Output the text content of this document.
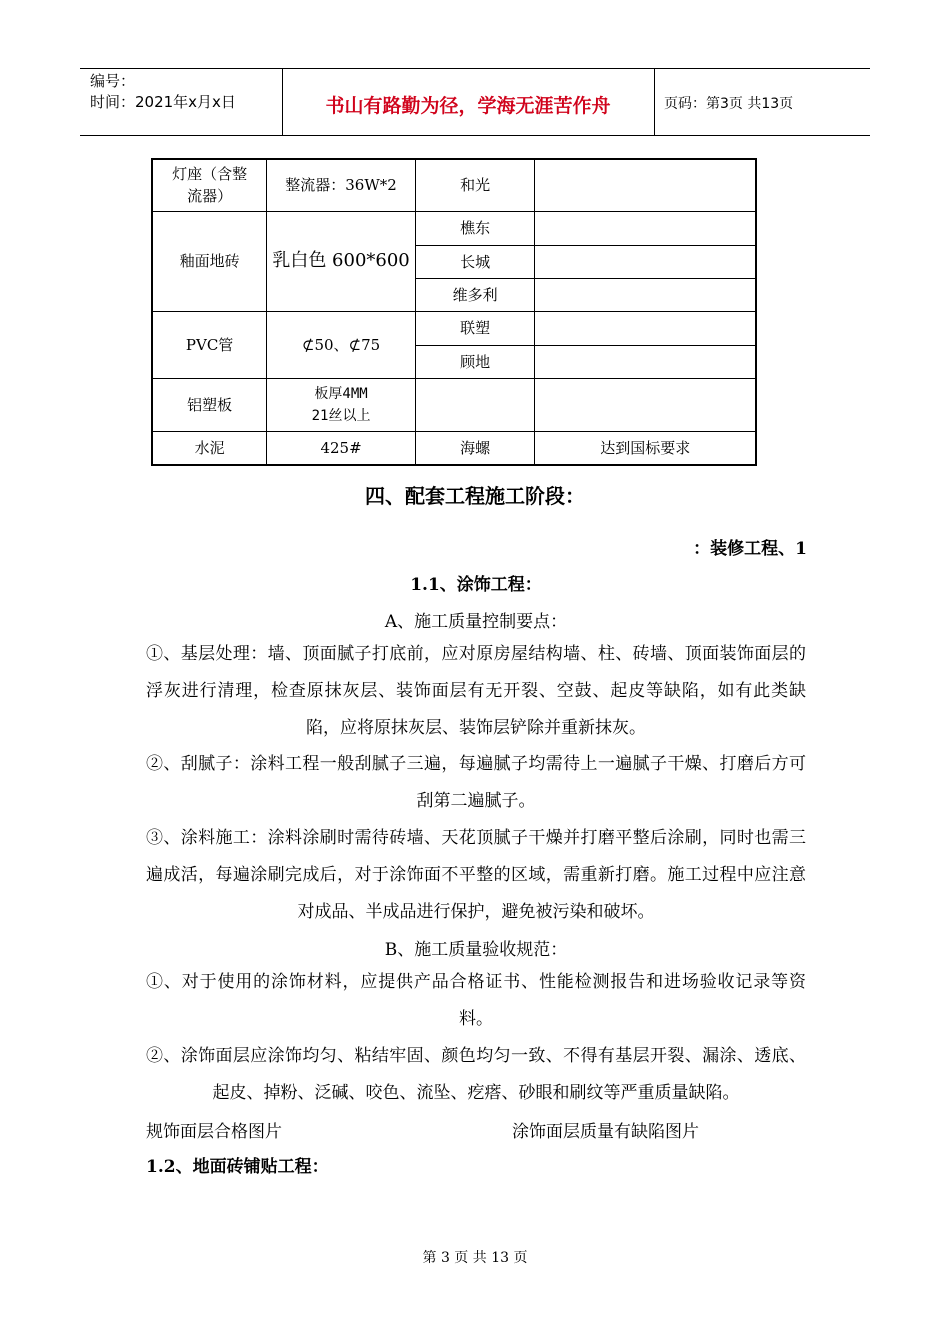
编号：
时间：2021年x月x日	书山有路勤为径，学海无涯苦作舟	页码：第3页 共13页
灯座（含整流器）	整流器：36W*2	和光	
釉面地砖	乳白色 600*600	樵东	
		长城	
		维多利	
PVC管	⊄50、⊄75	联塑	
		顾地	
铝塑板	板厚4MM
21丝以上		

水泥	425#	海螺	达到国标要求
四、配套工程施工阶段：
：装修工程、1
1.1、涂饰工程：
A、施工质量控制要点：

①、基层处理：墙、顶面腻子打底前，应对原房屋结构墙、柱、砖墙、顶面装饰面层的浮灰进行清理，检查原抹灰层、装饰面层有无开裂、空鼓、起皮等缺陷，如有此类缺陷，应将原抹灰层、装饰层铲除并重新抹灰。

②、刮腻子：涂料工程一般刮腻子三遍，每遍腻子均需待上一遍腻子干燥、打磨后方可刮第二遍腻子。

③、涂料施工：涂料涂刷时需待砖墙、天花顶腻子干燥并打磨平整后涂刷，同时也需三遍成活，每遍涂刷完成后，对于涂饰面不平整的区域，需重新打磨。施工过程中应注意对成品、半成品进行保护，避免被污染和破坏。

B、施工质量验收规范：

①、对于使用的涂饰材料，应提供产品合格证书、性能检测报告和进场验收记录等资料。

②、涂饰面层应涂饰均匀、粘结牢固、颜色均匀一致、不得有基层开裂、漏涂、透底、起皮、掉粉、泛碱、咬色、流坠、疙瘩、砂眼和刷纹等严重质量缺陷。

规饰面层合格图片	涂饰面层质量有缺陷图片
1.2、地面砖铺贴工程：
第 3 页 共 13 页
